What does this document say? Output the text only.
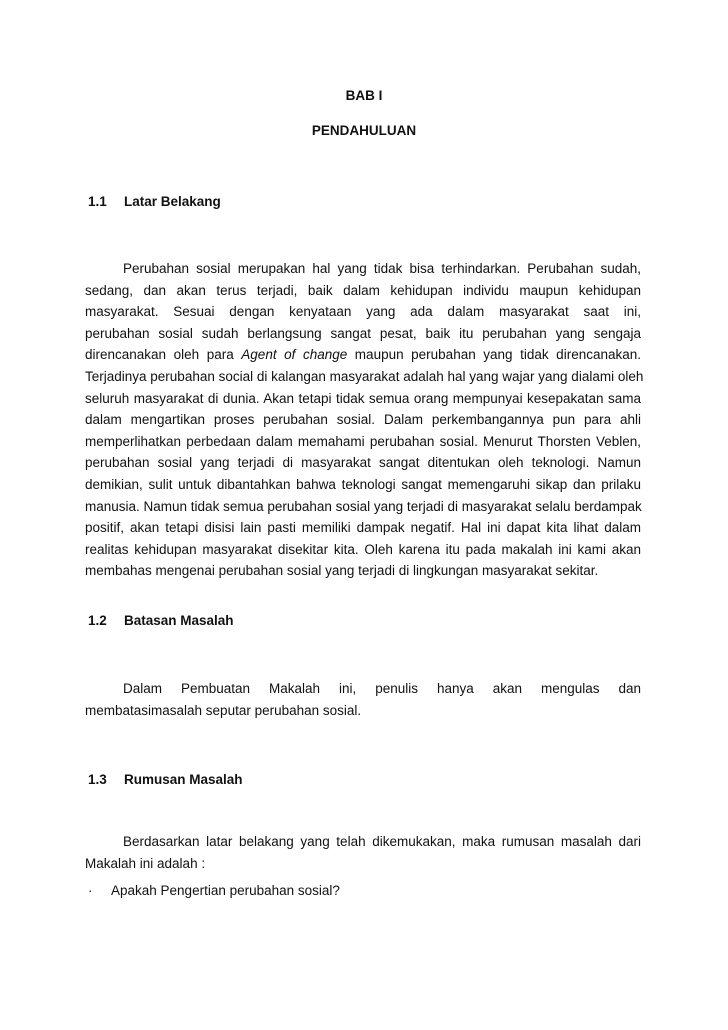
BAB I
PENDAHULUAN
1.1 Latar Belakang
Perubahan sosial merupakan hal yang tidak bisa terhindarkan. Perubahan sudah,
sedang, dan akan terus terjadi, baik dalam kehidupan individu maupun kehidupan
masyarakat. Sesuai dengan kenyataan yang ada dalam masyarakat saat ini,
perubahan sosial sudah berlangsung sangat pesat, baik itu perubahan yang sengaja
direncanakan oleh para Agent of change maupun perubahan yang tidak direncanakan.
Terjadinya perubahan social di kalangan masyarakat adalah hal yang wajar yang dialami oleh
seluruh masyarakat di dunia. Akan tetapi tidak semua orang mempunyai kesepakatan sama
dalam mengartikan proses perubahan sosial. Dalam perkembangannya pun para ahli
memperlihatkan perbedaan dalam memahami perubahan sosial. Menurut Thorsten Veblen,
perubahan sosial yang terjadi di masyarakat sangat ditentukan oleh teknologi. Namun
demikian, sulit untuk dibantahkan bahwa teknologi sangat memengaruhi sikap dan prilaku
manusia. Namun tidak semua perubahan sosial yang terjadi di masyarakat selalu berdampak
positif, akan tetapi disisi lain pasti memiliki dampak negatif. Hal ini dapat kita lihat dalam
realitas kehidupan masyarakat disekitar kita. Oleh karena itu pada makalah ini kami akan
membahas mengenai perubahan sosial yang terjadi di lingkungan masyarakat sekitar.
1.2 Batasan Masalah
Dalam Pembuatan Makalah ini, penulis hanya akan mengulas dan
membatasimasalah seputar perubahan sosial.
1.3 Rumusan Masalah
Berdasarkan latar belakang yang telah dikemukakan, maka rumusan masalah dari
Makalah ini adalah :
· Apakah Pengertian perubahan sosial?
